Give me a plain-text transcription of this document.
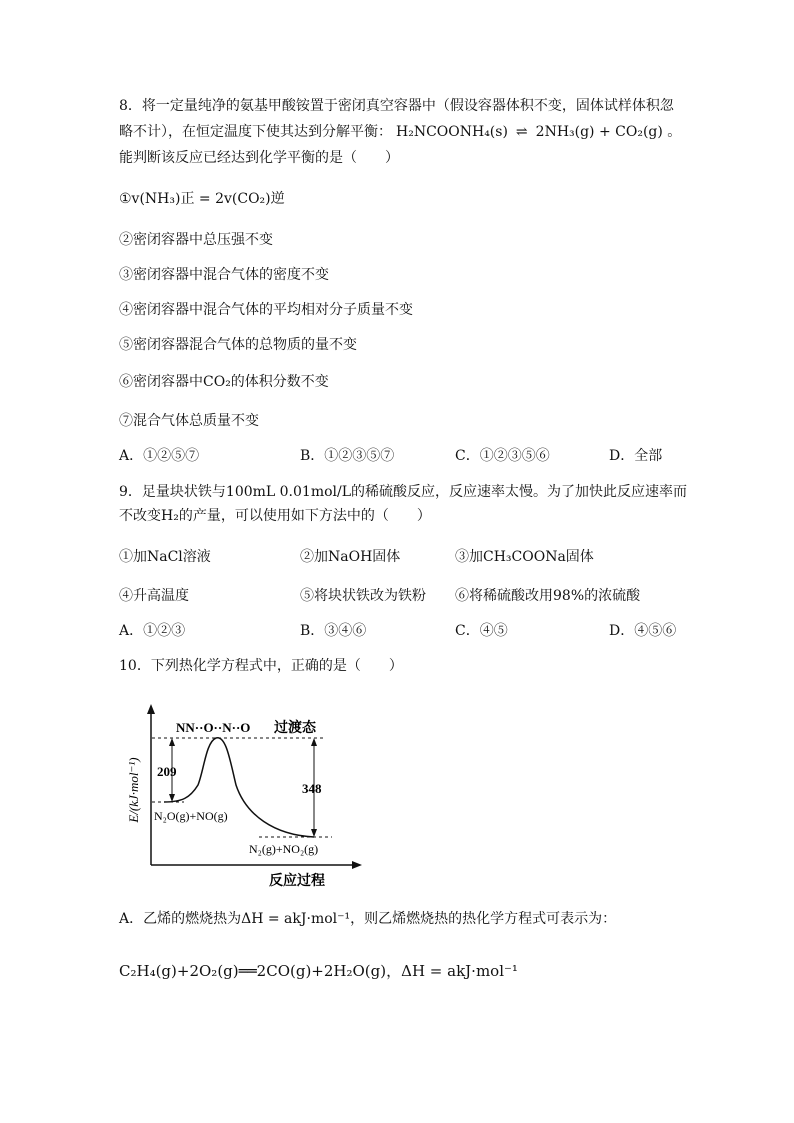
8．将一定量纯净的氨基甲酸铵置于密闭真空容器中（假设容器体积不变，固体试样体积忽
略不计），在恒定温度下使其达到分解平衡： H₂NCOONH₄(s) ⇌ 2NH₃(g) + CO₂(g) 。
能判断该反应已经达到化学平衡的是（　　）
①v(NH₃)正 = 2v(CO₂)逆
②密闭容器中总压强不变
③密闭容器中混合气体的密度不变
④密闭容器中混合气体的平均相对分子质量不变
⑤密闭容器混合气体的总物质的量不变
⑥密闭容器中CO₂的体积分数不变
⑦混合气体总质量不变
A．①②⑤⑦	B．①②③⑤⑦	C．①②③⑤⑥	D．全部
9．足量块状铁与100mL 0.01mol/L的稀硫酸反应，反应速率太慢。为了加快此反应速率而
不改变H₂的产量，可以使用如下方法中的（　　）
①加NaCl溶液	②加NaOH固体	③加CH₃COONa固体
④升高温度	⑤将块状铁改为铁粉 ⑥将稀硫酸改用98%的浓硫酸
A．①②③	B．③④⑥	C．④⑤	D．④⑤⑥
10．下列热化学方程式中，正确的是（　　）
E/(kJ·mol⁻¹) 209
348
NN··O··N··O 过渡态
N₂O(g)+NO(g)
N₂(g)+NO₂(g)
反应过程
A．乙烯的燃烧热为ΔH = akJ·mol⁻¹，则乙烯燃烧热的热化学方程式可表示为：
C₂H₄(g)+2O₂(g)══2CO(g)+2H₂O(g)，ΔH = akJ·mol⁻¹
